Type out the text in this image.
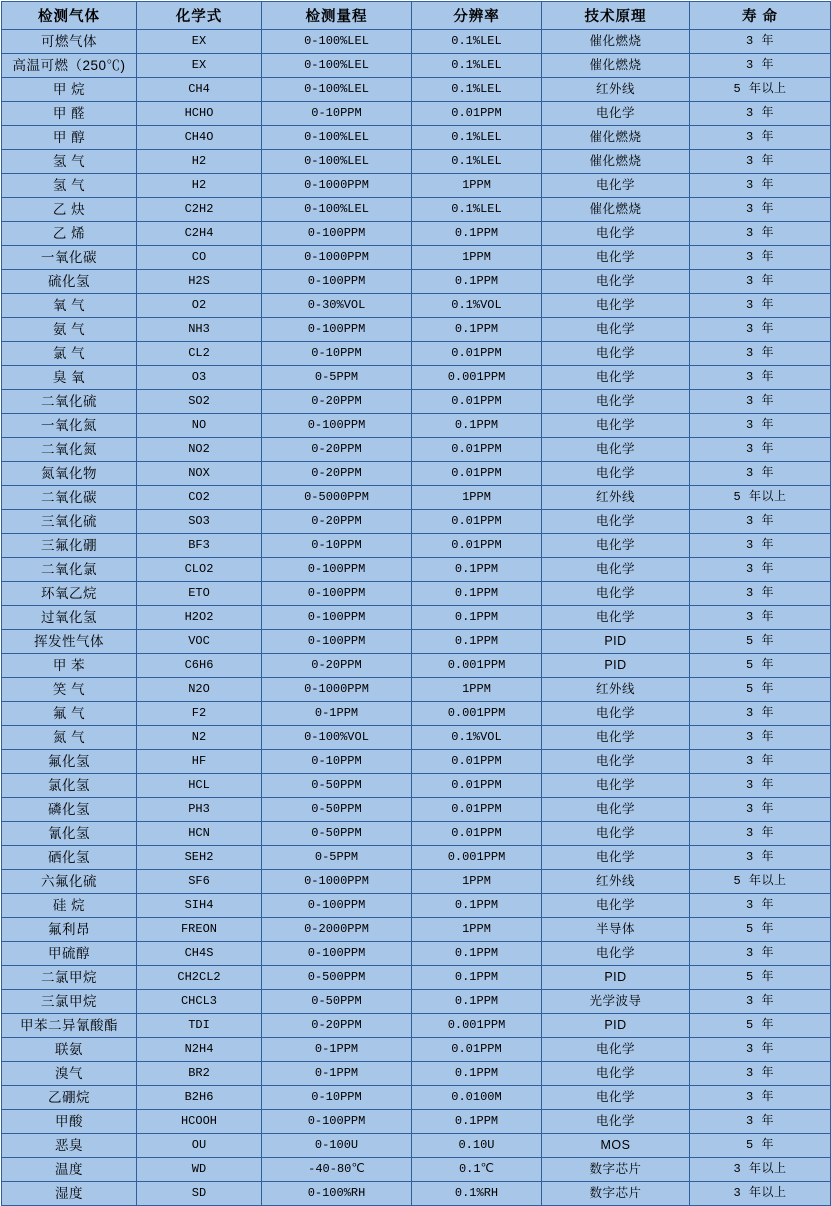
检测气体	化学式	检测量程	分辨率	技术原理	寿 命
可燃气体	EX	0-100%LEL	0.1%LEL	催化燃烧	3 年
高温可燃（250℃)	EX	0-100%LEL	0.1%LEL	催化燃烧	3 年
甲 烷	CH4	0-100%LEL	0.1%LEL	红外线	5 年以上
甲 醛	HCHO	0-10PPM	0.01PPM	电化学	3 年
甲 醇	CH4O	0-100%LEL	0.1%LEL	催化燃烧	3 年
氢 气	H2	0-100%LEL	0.1%LEL	催化燃烧	3 年
氢 气	H2	0-1000PPM	1PPM	电化学	3 年
乙 炔	C2H2	0-100%LEL	0.1%LEL	催化燃烧	3 年
乙 烯	C2H4	0-100PPM	0.1PPM	电化学	3 年
一氧化碳	CO	0-1000PPM	1PPM	电化学	3 年
硫化氢	H2S	0-100PPM	0.1PPM	电化学	3 年
氧 气	O2	0-30%VOL	0.1%VOL	电化学	3 年
氨 气	NH3	0-100PPM	0.1PPM	电化学	3 年
氯 气	CL2	0-10PPM	0.01PPM	电化学	3 年
臭 氧	O3	0-5PPM	0.001PPM	电化学	3 年
二氧化硫	SO2	0-20PPM	0.01PPM	电化学	3 年
一氧化氮	NO	0-100PPM	0.1PPM	电化学	3 年
二氧化氮	NO2	0-20PPM	0.01PPM	电化学	3 年
氮氧化物	NOX	0-20PPM	0.01PPM	电化学	3 年
二氧化碳	CO2	0-5000PPM	1PPM	红外线	5 年以上
三氧化硫	SO3	0-20PPM	0.01PPM	电化学	3 年
三氟化硼	BF3	0-10PPM	0.01PPM	电化学	3 年
二氧化氯	CLO2	0-100PPM	0.1PPM	电化学	3 年
环氧乙烷	ETO	0-100PPM	0.1PPM	电化学	3 年
过氧化氢	H2O2	0-100PPM	0.1PPM	电化学	3 年
挥发性气体	VOC	0-100PPM	0.1PPM	PID	5 年
甲 苯	C6H6	0-20PPM	0.001PPM	PID	5 年
笑 气	N2O	0-1000PPM	1PPM	红外线	5 年
氟 气	F2	0-1PPM	0.001PPM	电化学	3 年
氮 气	N2	0-100%VOL	0.1%VOL	电化学	3 年
氟化氢	HF	0-10PPM	0.01PPM	电化学	3 年
氯化氢	HCL	0-50PPM	0.01PPM	电化学	3 年
磷化氢	PH3	0-50PPM	0.01PPM	电化学	3 年
氰化氢	HCN	0-50PPM	0.01PPM	电化学	3 年
硒化氢	SEH2	0-5PPM	0.001PPM	电化学	3 年
六氟化硫	SF6	0-1000PPM	1PPM	红外线	5 年以上
硅 烷	SIH4	0-100PPM	0.1PPM	电化学	3 年
氟利昂	FREON	0-2000PPM	1PPM	半导体	5 年
甲硫醇	CH4S	0-100PPM	0.1PPM	电化学	3 年
二氯甲烷	CH2CL2	0-500PPM	0.1PPM	PID	5 年
三氯甲烷	CHCL3	0-50PPM	0.1PPM	光学波导	3 年
甲苯二异氰酸酯	TDI	0-20PPM	0.001PPM	PID	5 年
联氨	N2H4	0-1PPM	0.01PPM	电化学	3 年
溴气	BR2	0-1PPM	0.1PPM	电化学	3 年
乙硼烷	B2H6	0-10PPM	0.0100M	电化学	3 年
甲酸	HCOOH	0-100PPM	0.1PPM	电化学	3 年
恶臭	OU	0-100U	0.10U	MOS	5 年
温度	WD	-40-80℃	0.1℃	数字芯片	3 年以上
湿度	SD	0-100%RH	0.1%RH	数字芯片	3 年以上
